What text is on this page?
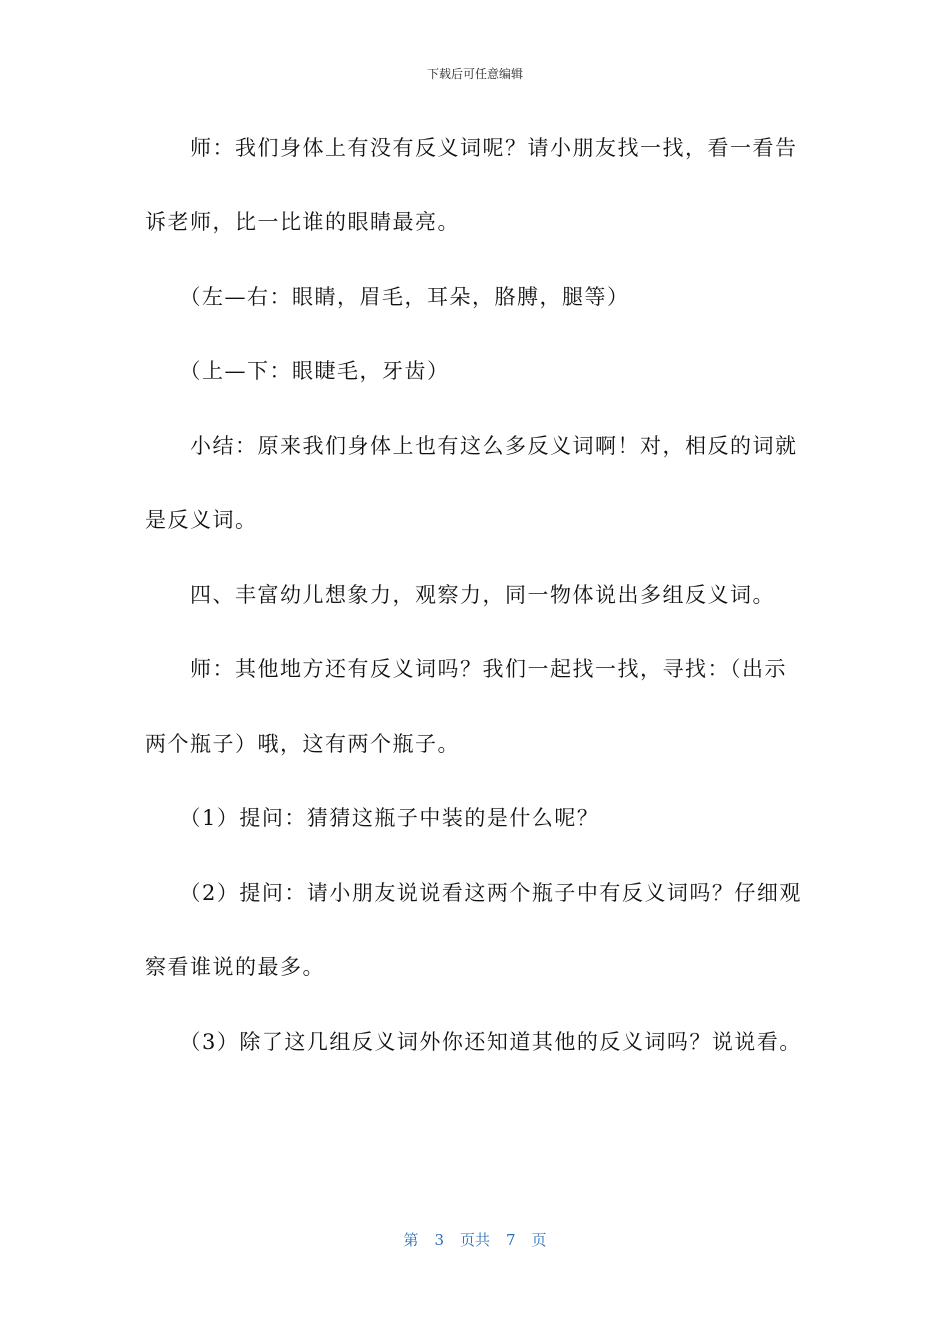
下载后可任意编辑
　　师：我们身体上有没有反义词呢？请小朋友找一找，看一看告
诉老师，比一比谁的眼睛最亮。
　　（左—右：眼睛，眉毛，耳朵，胳膊，腿等）
　　（上—下：眼睫毛，牙齿）
　　小结：原来我们身体上也有这么多反义词啊！对，相反的词就
是反义词。
　　四、丰富幼儿想象力，观察力，同一物体说出多组反义词。
　　师：其他地方还有反义词吗？我们一起找一找，寻找：（出示
两个瓶子）哦，这有两个瓶子。
　　（1）提问：猜猜这瓶子中装的是什么呢？
　　（2）提问：请小朋友说说看这两个瓶子中有反义词吗？仔细观
察看谁说的最多。
　　（3）除了这几组反义词外你还知道其他的反义词吗？说说看。
第 3 页共 7 页
